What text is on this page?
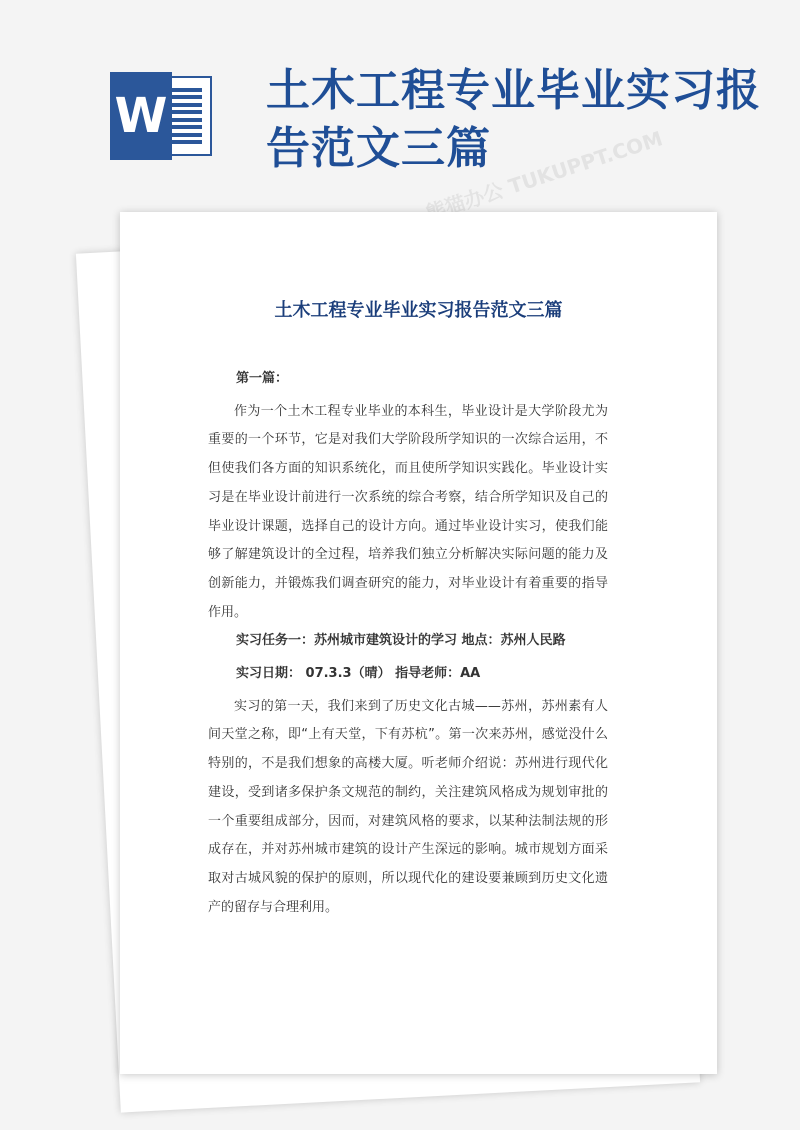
W 土木工程专业毕业实习报告范文三篇
熊猫办公 TUKUPPT.COM
土木工程专业毕业实习报告范文三篇

第一篇：

作为一个土木工程专业毕业的本科生，毕业设计是大学阶段尤为重要的一个环节，它是对我们大学阶段所学知识的一次综合运用，不但使我们各方面的知识系统化，而且使所学知识实践化。毕业设计实习是在毕业设计前进行一次系统的综合考察，结合所学知识及自己的毕业设计课题，选择自己的设计方向。通过毕业设计实习，使我们能够了解建筑设计的全过程，培养我们独立分析解决实际问题的能力及创新能力，并锻炼我们调查研究的能力，对毕业设计有着重要的指导作用。

实习任务一：苏州城市建筑设计的学习 地点：苏州人民路

实习日期： 07.3.3（晴） 指导老师：AA

实习的第一天，我们来到了历史文化古城——苏州，苏州素有人间天堂之称，即“上有天堂，下有苏杭”。第一次来苏州，感觉没什么特别的，不是我们想象的高楼大厦。听老师介绍说：苏州进行现代化建设，受到诸多保护条文规范的制约，关注建筑风格成为规划审批的一个重要组成部分，因而，对建筑风格的要求，以某种法制法规的形成存在，并对苏州城市建筑的设计产生深远的影响。城市规划方面采取对古城风貌的保护的原则，所以现代化的建设要兼顾到历史文化遗产的留存与合理利用。
